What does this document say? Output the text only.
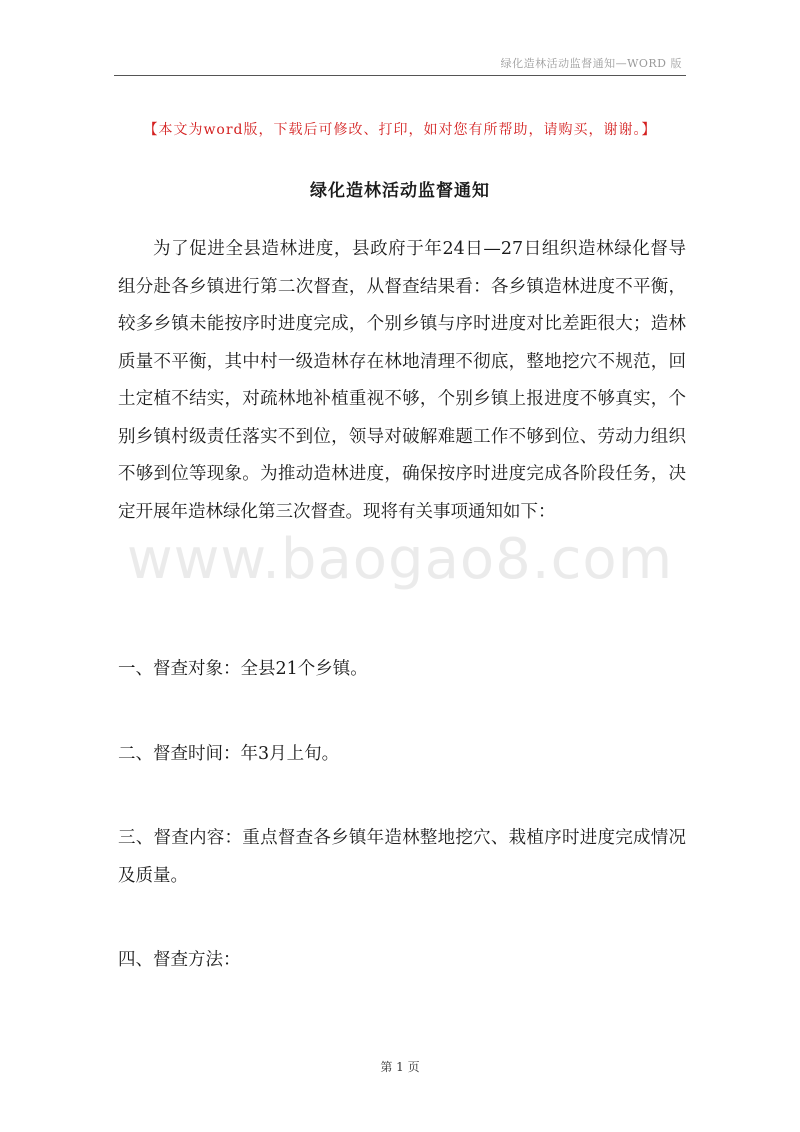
绿化造林活动监督通知—WORD 版
【本文为word版，下载后可修改、打印，如对您有所帮助，请购买，谢谢。】
绿化造林活动监督通知
www.baogao8.com

为了促进全县造林进度，县政府于年24日—27日组织造林绿化督导组分赴各乡镇进行第二次督查，从督查结果看：各乡镇造林进度不平衡，较多乡镇未能按序时进度完成，个别乡镇与序时进度对比差距很大；造林质量不平衡，其中村一级造林存在林地清理不彻底，整地挖穴不规范，回土定植不结实，对疏林地补植重视不够，个别乡镇上报进度不够真实，个别乡镇村级责任落实不到位，领导对破解难题工作不够到位、劳动力组织不够到位等现象。为推动造林进度，确保按序时进度完成各阶段任务，决定开展年造林绿化第三次督查。现将有关事项通知如下：

一、督查对象：全县21个乡镇。

二、督查时间：年3月上旬。

三、督查内容：重点督查各乡镇年造林整地挖穴、栽植序时进度完成情况及质量。

四、督查方法：

第 1 页
